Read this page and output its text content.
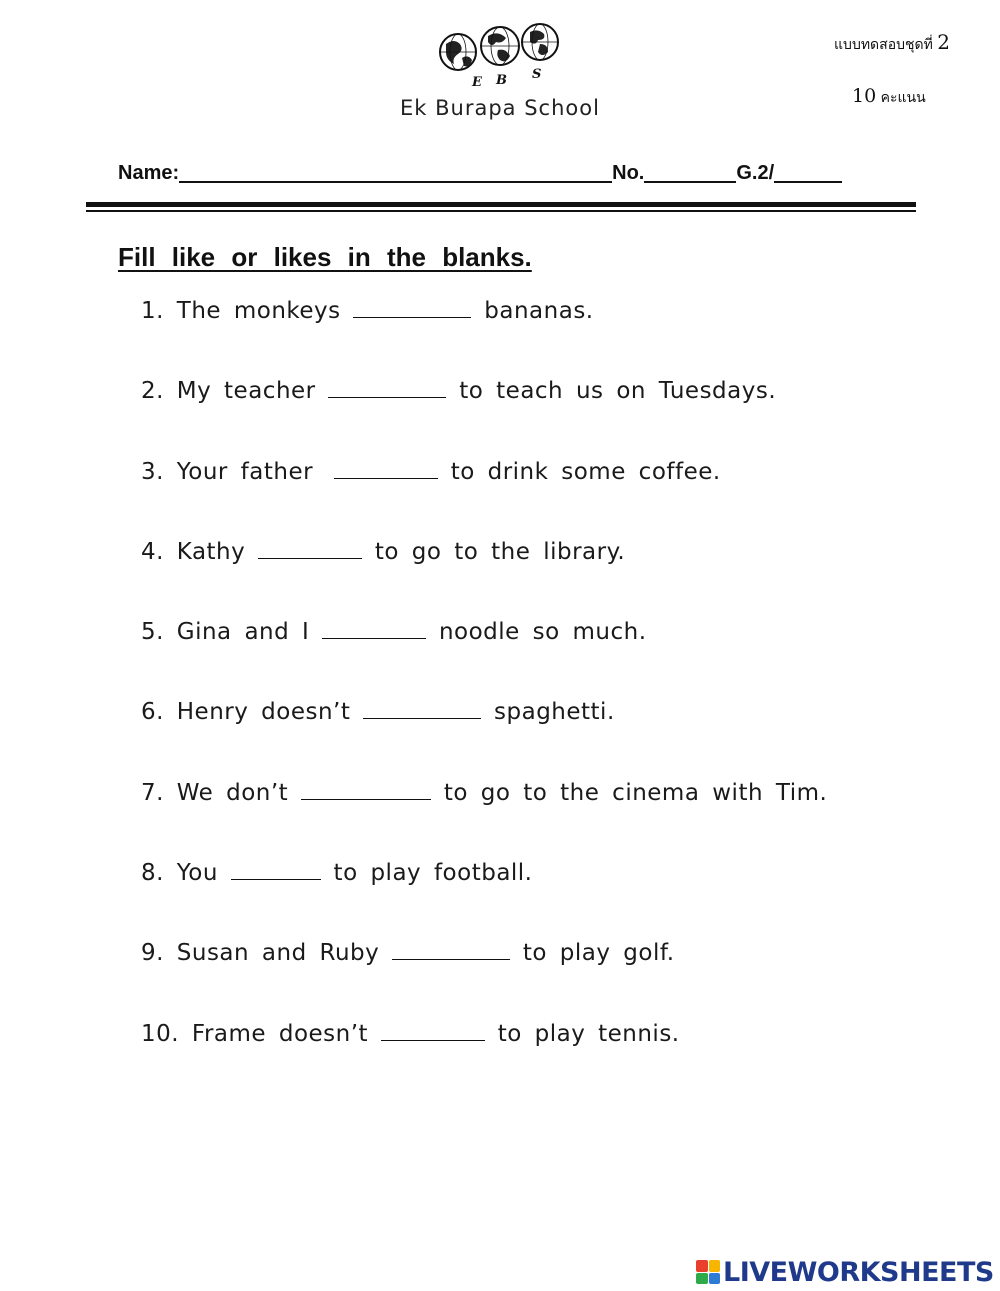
E B S
Ek Burapa School
แบบทดสอบชุดที่ 2
10 คะแนน
Name:	No.	G.2/
Fill like or likes in the blanks.
1. The monkeys	bananas.
2. My teacher	to teach us on Tuesdays.
3. Your father	to drink some coffee.
4. Kathy	to go to the library.
5. Gina and I	noodle so much.
6. Henry doesn’t	spaghetti.
7. We don’t	to go to the cinema with Tim.
8. You	to play football.
9. Susan and Ruby	to play golf.
10. Frame doesn’t	to play tennis.
LIVEWORKSHEETS
